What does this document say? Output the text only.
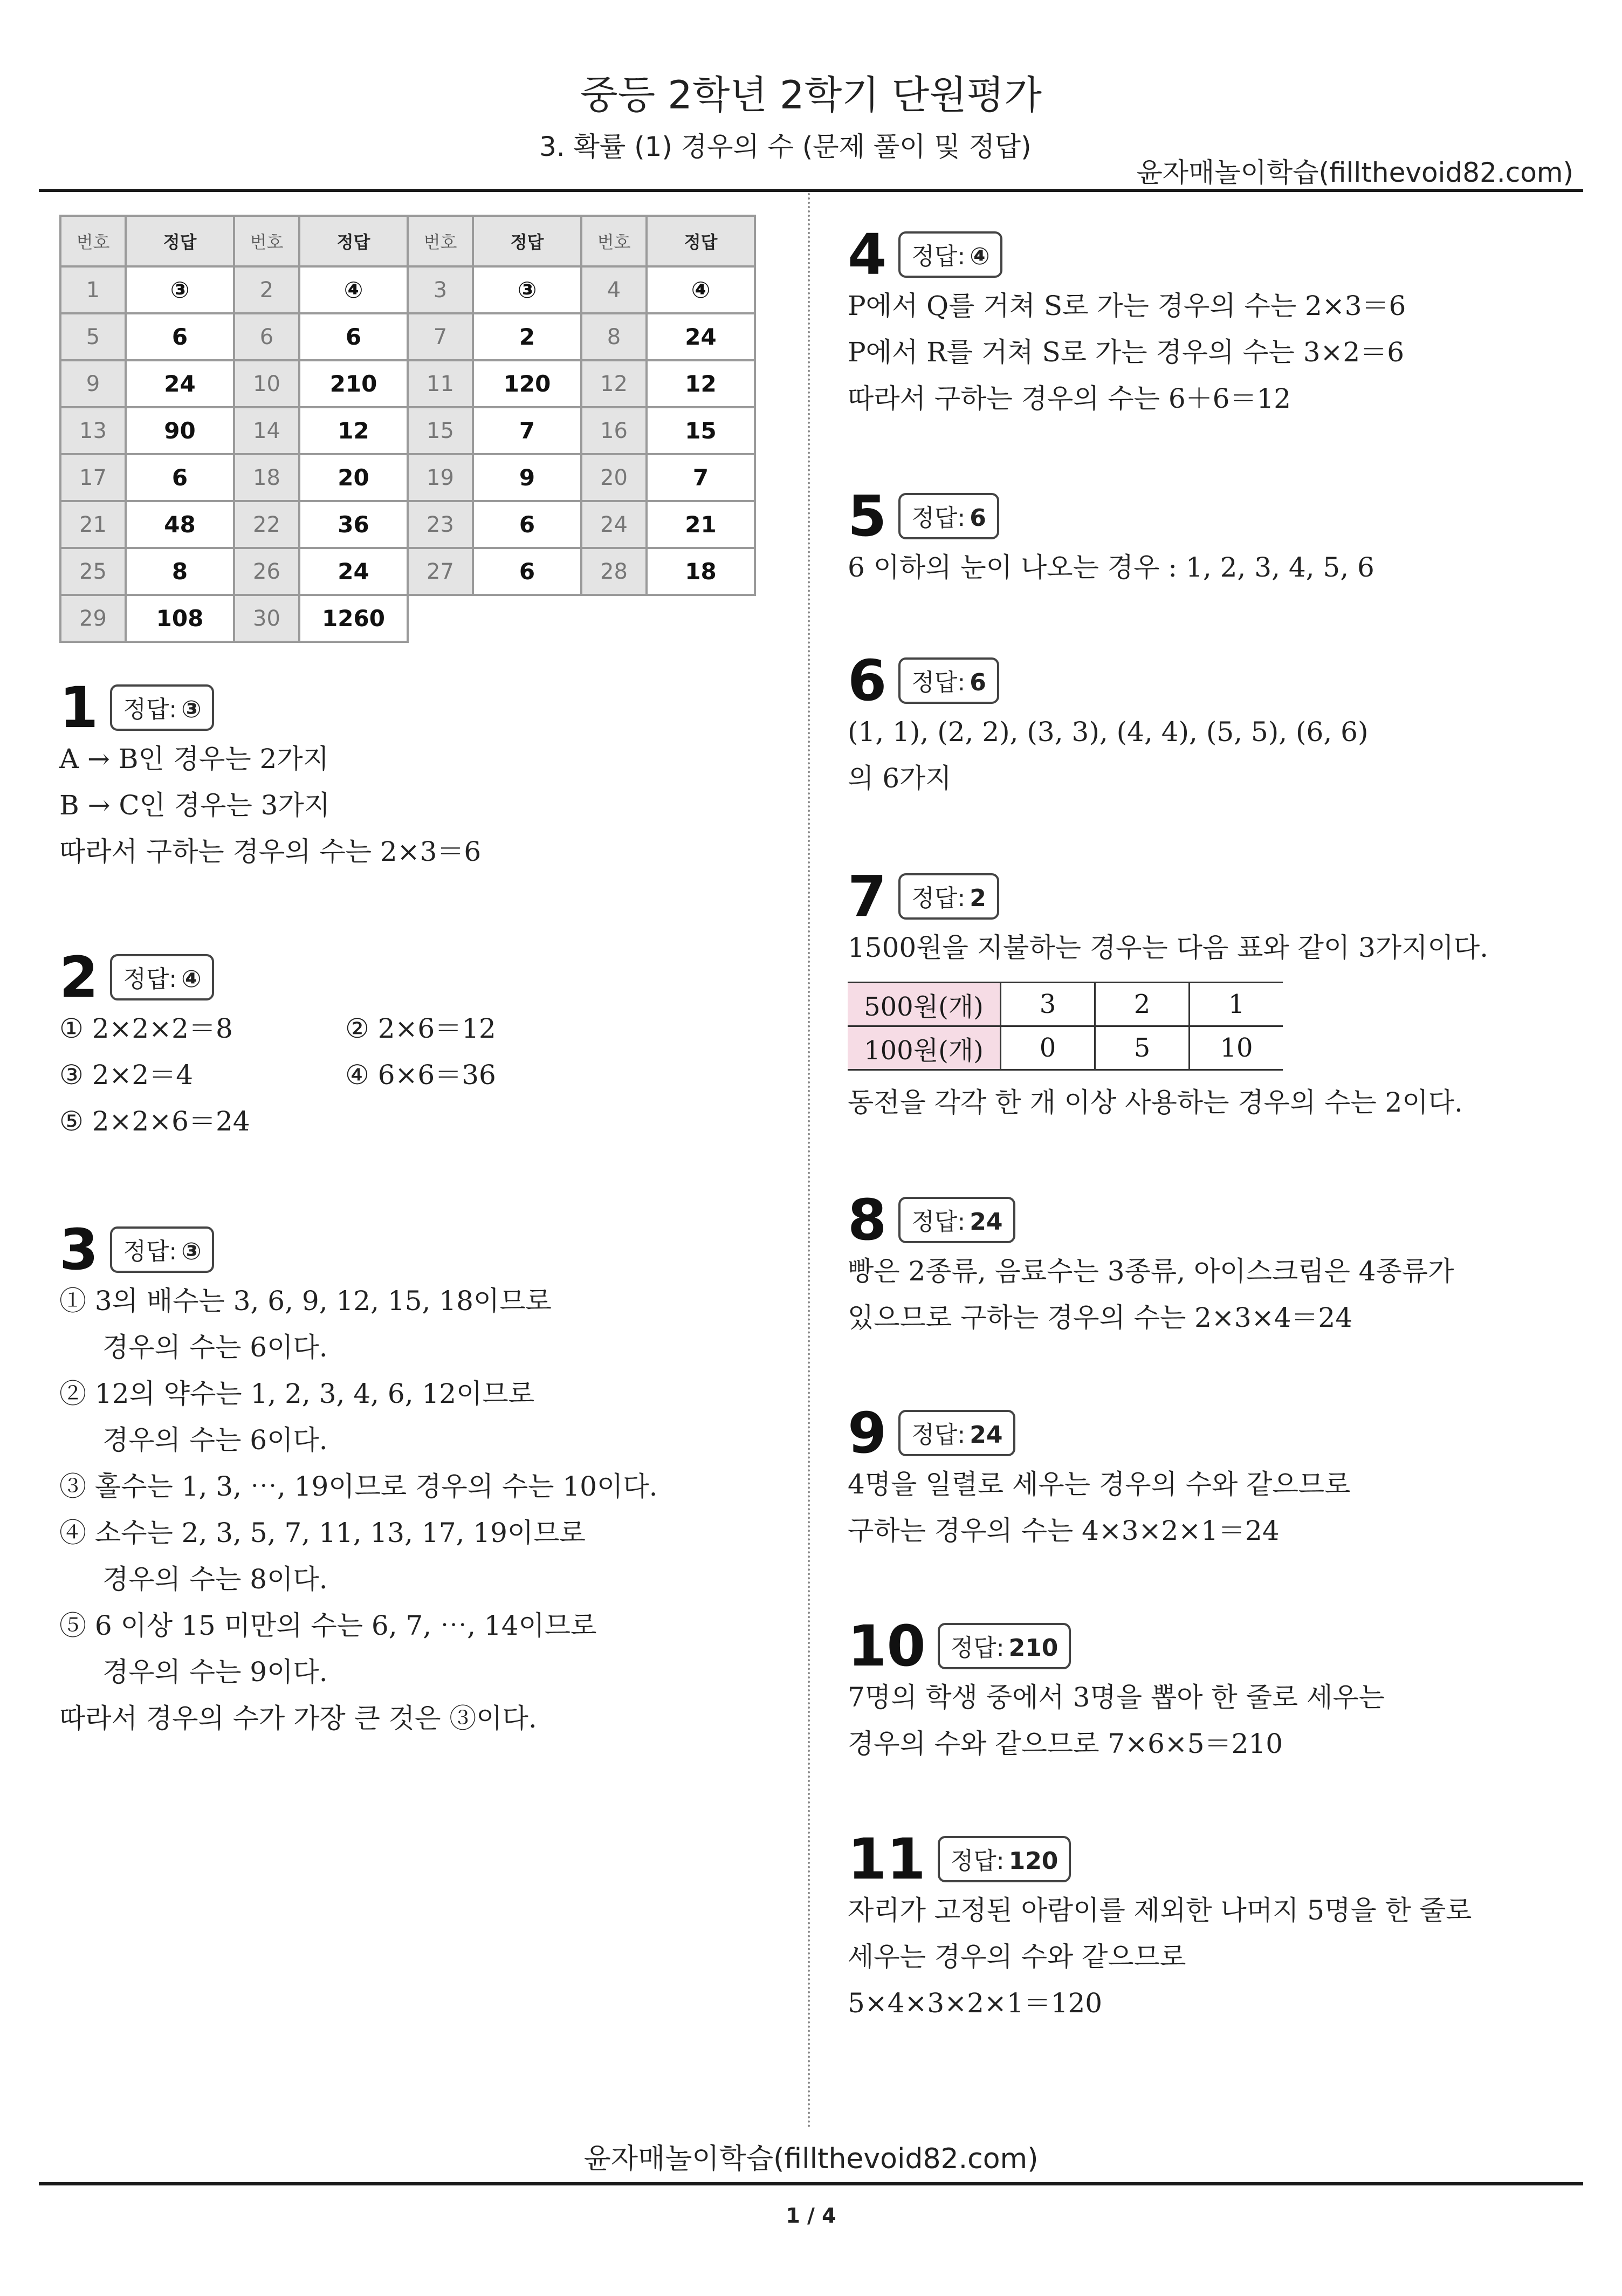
중등 2학년 2학기 단원평가
3. 확률 (1) 경우의 수 (문제 풀이 및 정답)
윤자매놀이학습(fillthevoid82.com)
번호	정답	번호	정답	번호	정답	번호	정답
1	③	2	④	3	③	4	④
5	6	6	6	7	2	8	24
9	24	10	210	11	120	12	12
13	90	14	12	15	7	16	15
17	6	18	20	19	9	20	7
21	48	22	36	23	6	24	21
25	8	26	24	27	6	28	18
29	108	30	1260				
1 정답: ③
A → B인 경우는 2가지
B → C인 경우는 3가지
따라서 구하는 경우의 수는 2×3＝6
2 정답: ④
① 2×2×2＝8	② 2×6＝12
③ 2×2＝4	④ 6×6＝36
⑤ 2×2×6＝24
3 정답: ③
① 3의 배수는 3, 6, 9, 12, 15, 18이므로
경우의 수는 6이다.
② 12의 약수는 1, 2, 3, 4, 6, 12이므로
경우의 수는 6이다.
③ 홀수는 1, 3, ⋯, 19이므로 경우의 수는 10이다.
④ 소수는 2, 3, 5, 7, 11, 13, 17, 19이므로
경우의 수는 8이다.
⑤ 6 이상 15 미만의 수는 6, 7, ⋯, 14이므로
경우의 수는 9이다.
따라서 경우의 수가 가장 큰 것은 ③이다.
4 정답: ④
P에서 Q를 거쳐 S로 가는 경우의 수는 2×3＝6
P에서 R를 거쳐 S로 가는 경우의 수는 3×2＝6
따라서 구하는 경우의 수는 6＋6＝12
5 정답: 6
6 이하의 눈이 나오는 경우 : 1, 2, 3, 4, 5, 6
6 정답: 6
(1, 1), (2, 2), (3, 3), (4, 4), (5, 5), (6, 6)
의 6가지
7 정답: 2
1500원을 지불하는 경우는 다음 표와 같이 3가지이다.
500원(개)	3	2	1
100원(개)	0	5	10
동전을 각각 한 개 이상 사용하는 경우의 수는 2이다.
8 정답: 24
빵은 2종류, 음료수는 3종류, 아이스크림은 4종류가
있으므로 구하는 경우의 수는 2×3×4＝24
9 정답: 24
4명을 일렬로 세우는 경우의 수와 같으므로
구하는 경우의 수는 4×3×2×1＝24
10 정답: 210
7명의 학생 중에서 3명을 뽑아 한 줄로 세우는
경우의 수와 같으므로 7×6×5＝210
11 정답: 120
자리가 고정된 아람이를 제외한 나머지 5명을 한 줄로
세우는 경우의 수와 같으므로
5×4×3×2×1＝120
윤자매놀이학습(fillthevoid82.com)
1 / 4
